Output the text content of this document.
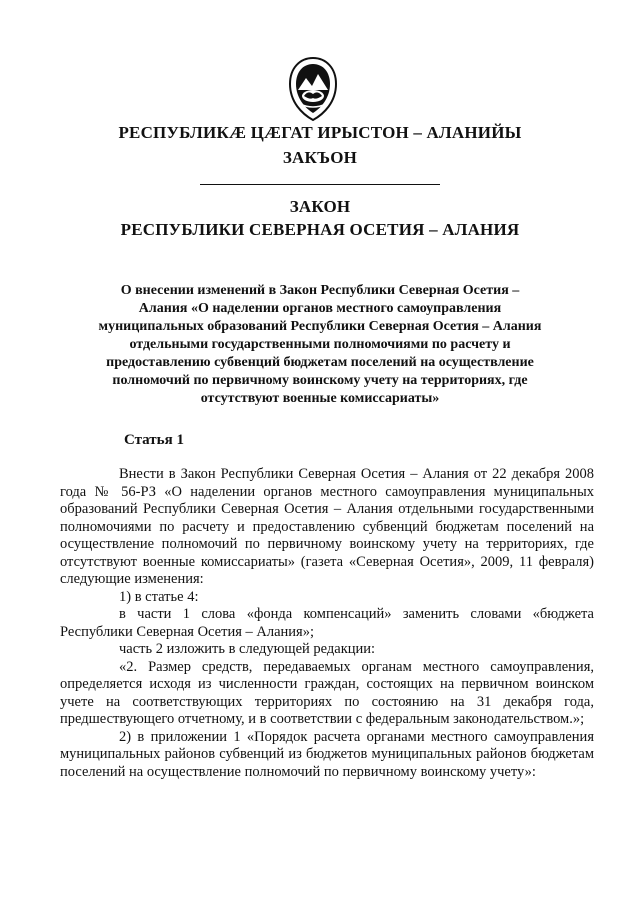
РЕСПУБЛИКӔ ЦӔГАТ ИРЫСТОН – АЛАНИЙЫ
ЗАКЪОН
ЗАКОН
РЕСПУБЛИКИ СЕВЕРНАЯ ОСЕТИЯ – АЛАНИЯ
О внесении изменений в Закон Республики Северная Осетия – Алания «О наделении органов местного самоуправления муниципальных образований Республики Северная Осетия – Алания отдельными государственными полномочиями по расчету и предоставлению субвенций бюджетам поселений на осуществление полномочий по первичному воинскому учету на территориях, где отсутствуют военные комиссариаты»
Статья 1

Внести в Закон Республики Северная Осетия – Алания от 22 декабря 2008 года № 56-РЗ «О наделении органов местного самоуправления муниципальных образований Республики Северная Осетия – Алания отдельными государственными полномочиями по расчету и предоставлению субвенций бюджетам поселений на осуществление полномочий по первичному воинскому учету на территориях, где отсутствуют военные комиссариаты» (газета «Северная Осетия», 2009, 11 февраля) следующие изменения:

1) в статье 4:

в части 1 слова «фонда компенсаций» заменить словами «бюджета Республики Северная Осетия – Алания»;

часть 2 изложить в следующей редакции:

«2. Размер средств, передаваемых органам местного самоуправления, определяется исходя из численности граждан, состоящих на первичном воинском учете на соответствующих территориях по состоянию на 31 декабря года, предшествующего отчетному, и в соответствии с федеральным законодательством.»;

2) в приложении 1 «Порядок расчета органами местного самоуправления муниципальных районов субвенций из бюджетов муниципальных районов бюджетам поселений на осуществление полномочий по первичному воинскому учету»:
